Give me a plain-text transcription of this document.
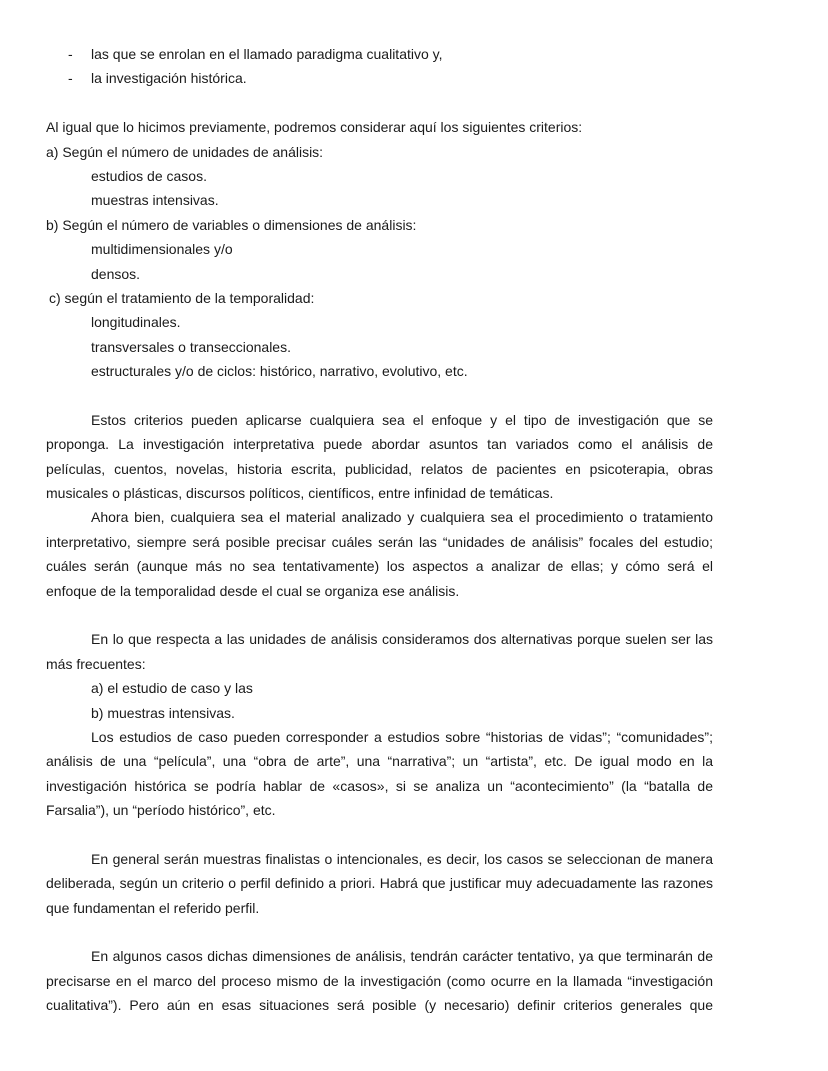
- las que se enrolan en el llamado paradigma cualitativo y,
- la investigación histórica.
Al igual que lo hicimos previamente, podremos considerar aquí los siguientes criterios:
a) Según el número de unidades de análisis:
estudios de casos.
muestras intensivas.
b) Según el número de variables o dimensiones de análisis:
multidimensionales y/o
densos.
c) según el tratamiento de la temporalidad:
longitudinales.
transversales o transeccionales.
estructurales y/o de ciclos: histórico, narrativo, evolutivo, etc.
Estos criterios pueden aplicarse cualquiera sea el enfoque y el tipo de investigación que se
proponga. La investigación interpretativa puede abordar asuntos tan variados como el análisis de
películas, cuentos, novelas, historia escrita, publicidad, relatos de pacientes en psicoterapia, obras
musicales o plásticas, discursos políticos, científicos, entre infinidad de temáticas.
Ahora bien, cualquiera sea el material analizado y cualquiera sea el procedimiento o tratamiento
interpretativo, siempre será posible precisar cuáles serán las “unidades de análisis” focales del estudio;
cuáles serán (aunque más no sea tentativamente) los aspectos a analizar de ellas; y cómo será el
enfoque de la temporalidad desde el cual se organiza ese análisis.
En lo que respecta a las unidades de análisis consideramos dos alternativas porque suelen ser las
más frecuentes:
a) el estudio de caso y las
b) muestras intensivas.
Los estudios de caso pueden corresponder a estudios sobre “historias de vidas”; “comunidades”;
análisis de una “película”, una “obra de arte”, una “narrativa”; un “artista”, etc. De igual modo en la
investigación histórica se podría hablar de «casos», si se analiza un “acontecimiento” (la “batalla de
Farsalia”), un “período histórico”, etc.
En general serán muestras finalistas o intencionales, es decir, los casos se seleccionan de manera
deliberada, según un criterio o perfil definido a priori. Habrá que justificar muy adecuadamente las razones
que fundamentan el referido perfil.
En algunos casos dichas dimensiones de análisis, tendrán carácter tentativo, ya que terminarán de
precisarse en el marco del proceso mismo de la investigación (como ocurre en la llamada “investigación
cualitativa”). Pero aún en esas situaciones será posible (y necesario) definir criterios generales que
